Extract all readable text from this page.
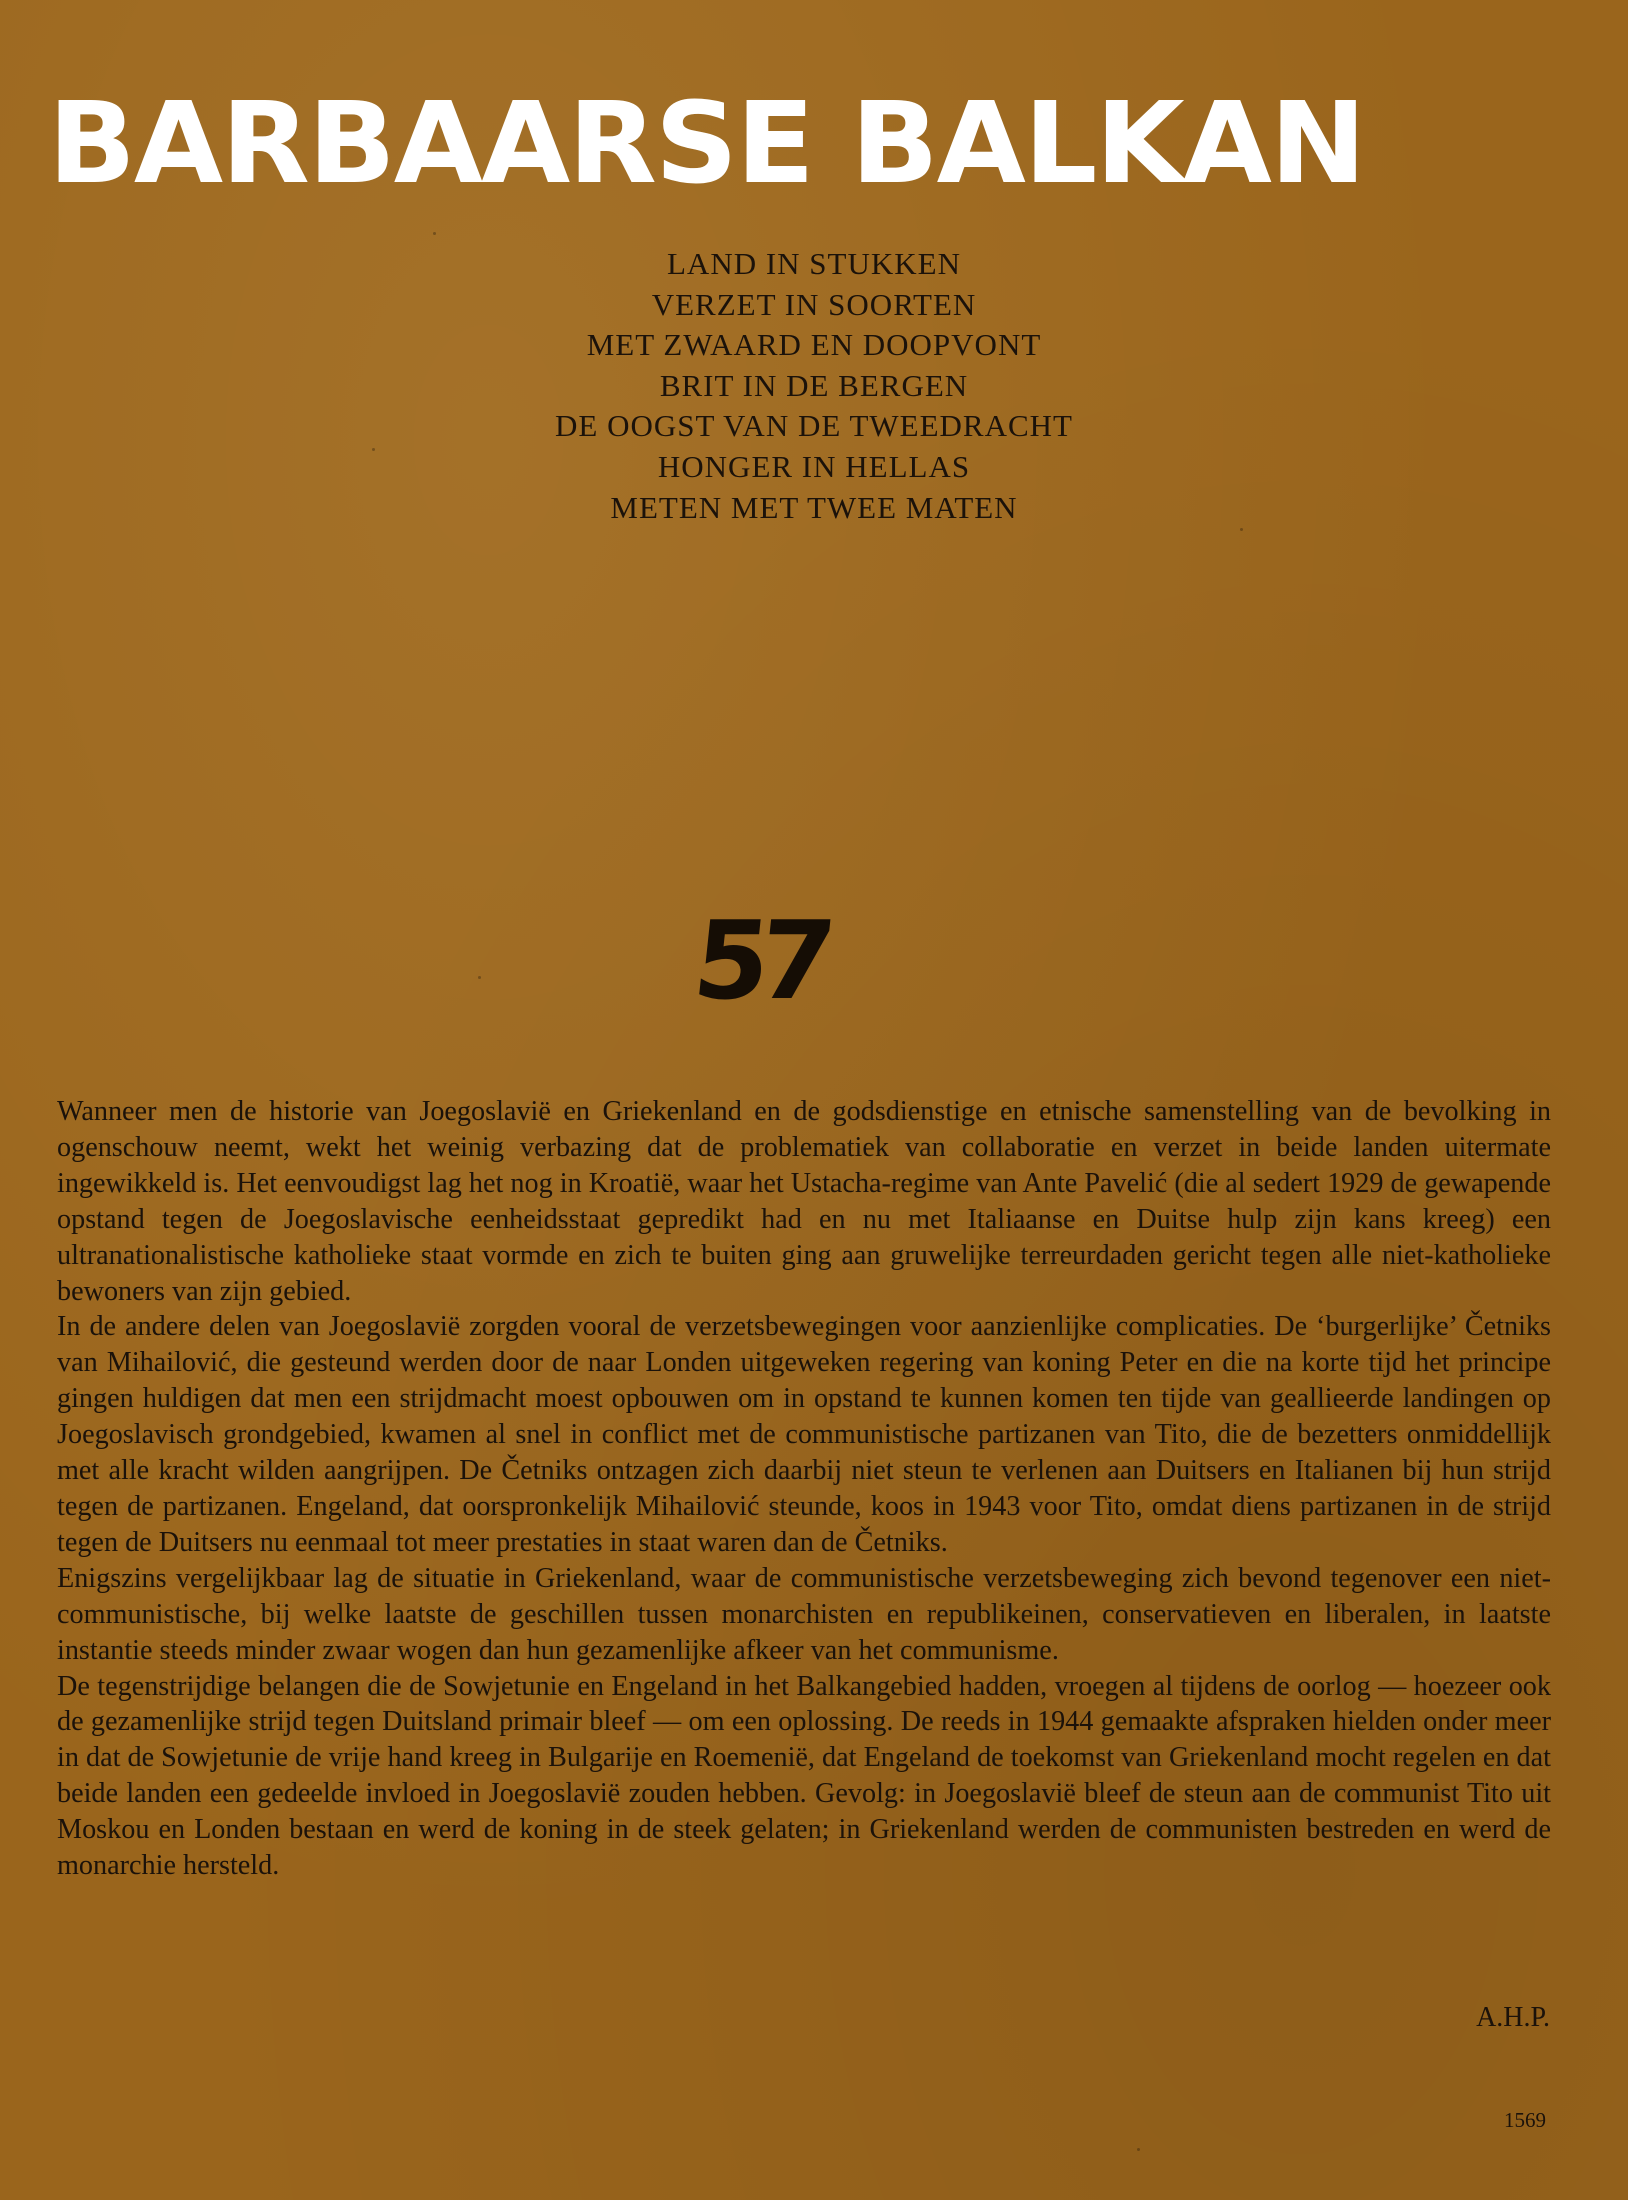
BARBAARSE BALKAN
LAND IN STUKKEN
VERZET IN SOORTEN
MET ZWAARD EN DOOPVONT
BRIT IN DE BERGEN
DE OOGST VAN DE TWEEDRACHT
HONGER IN HELLAS
METEN MET TWEE MATEN
57

Wanneer men de historie van Joegoslavië en Griekenland en de godsdienstige en etnische samenstelling van de bevolking in ogenschouw neemt, wekt het weinig verbazing dat de problematiek van collaboratie en verzet in beide landen uitermate ingewikkeld is. Het eenvoudigst lag het nog in Kroatië, waar het Ustacha-regime van Ante Pavelić (die al sedert 1929 de gewapende opstand tegen de Joegoslavische eenheidsstaat gepredikt had en nu met Italiaanse en Duitse hulp zijn kans kreeg) een ultranationalistische katholieke staat vormde en zich te buiten ging aan gruwelijke terreurdaden gericht tegen alle niet-katholieke bewoners van zijn gebied.

In de andere delen van Joegoslavië zorgden vooral de verzetsbewegingen voor aanzienlijke complicaties. De ‘burgerlijke’ Četniks van Mihailović, die gesteund werden door de naar Londen uitgeweken regering van koning Peter en die na korte tijd het principe gingen huldigen dat men een strijdmacht moest opbouwen om in opstand te kunnen komen ten tijde van geallieerde landingen op Joegoslavisch grondgebied, kwamen al snel in conflict met de communistische partizanen van Tito, die de bezetters onmiddellijk met alle kracht wilden aangrijpen. De Četniks ontzagen zich daarbij niet steun te verlenen aan Duitsers en Italianen bij hun strijd tegen de partizanen. Engeland, dat oorspronkelijk Mihailović steunde, koos in 1943 voor Tito, omdat diens partizanen in de strijd tegen de Duitsers nu eenmaal tot meer prestaties in staat waren dan de Četniks.

Enigszins vergelijkbaar lag de situatie in Griekenland, waar de communistische verzetsbeweging zich bevond tegenover een niet-communistische, bij welke laatste de geschillen tussen monarchisten en republikeinen, conservatieven en liberalen, in laatste instantie steeds minder zwaar wogen dan hun gezamenlijke afkeer van het communisme.

De tegenstrijdige belangen die de Sowjetunie en Engeland in het Balkangebied hadden, vroegen al tijdens de oorlog — hoezeer ook de gezamenlijke strijd tegen Duitsland primair bleef — om een oplossing. De reeds in 1944 gemaakte afspraken hielden onder meer in dat de Sowjetunie de vrije hand kreeg in Bulgarije en Roemenië, dat Engeland de toekomst van Griekenland mocht regelen en dat beide landen een gedeelde invloed in Joegoslavië zouden hebben. Gevolg: in Joegoslavië bleef de steun aan de communist Tito uit Moskou en Londen bestaan en werd de koning in de steek gelaten; in Griekenland werden de communisten bestreden en werd de monarchie hersteld.

A.H.P.
1569
